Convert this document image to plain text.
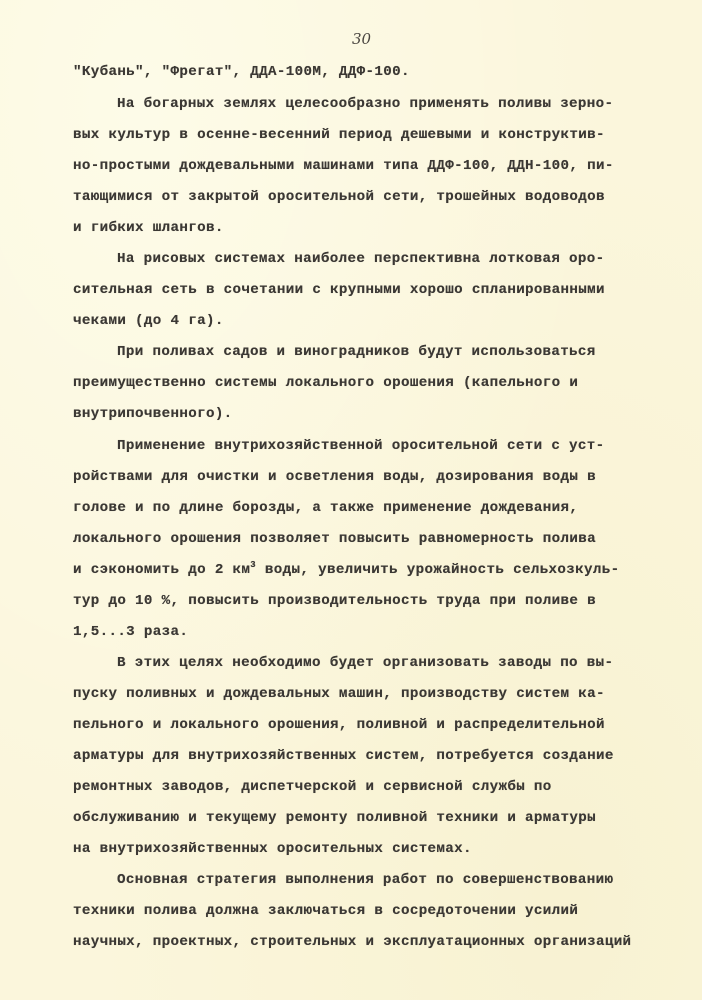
30
"Кубань", "Фрегат", ДДА-100М, ДДФ-100.
На богарных землях целесообразно применять поливы зерно-
вых культур в осенне-весенний период дешевыми и конструктив-
но-простыми дождевальными машинами типа ДДФ-100, ДДН-100, пи-
тающимися от закрытой оросительной сети, трошейных водоводов
и гибких шлангов.
На рисовых системах наиболее перспективна лотковая оро-
сительная сеть в сочетании с крупными хорошо спланированными
чеками (до 4 га).
При поливах садов и виноградников будут использоваться
преимущественно системы локального орошения (капельного и
внутрипочвенного).
Применение внутрихозяйственной оросительной сети с уст-
ройствами для очистки и осветления воды, дозирования воды в
голове и по длине борозды, а также применение дождевания,
локального орошения позволяет повысить равномерность полива
и сэкономить до 2 $км^3$ воды, увеличить урожайность сельхозкуль-
тур до 10 %, повысить производительность труда при поливе в
1,5...3 раза.
В этих целях необходимо будет организовать заводы по вы-
пуску поливных и дождевальных машин, производству систем ка-
пельного и локального орошения, поливной и распределительной
арматуры для внутрихозяйственных систем, потребуется создание
ремонтных заводов, диспетчерской и сервисной службы по
обслуживанию и текущему ремонту поливной техники и арматуры
на внутрихозяйственных оросительных системах.
Основная стратегия выполнения работ по совершенствованию
техники полива должна заключаться в сосредоточении усилий
научных, проектных, строительных и эксплуатационных организаций
